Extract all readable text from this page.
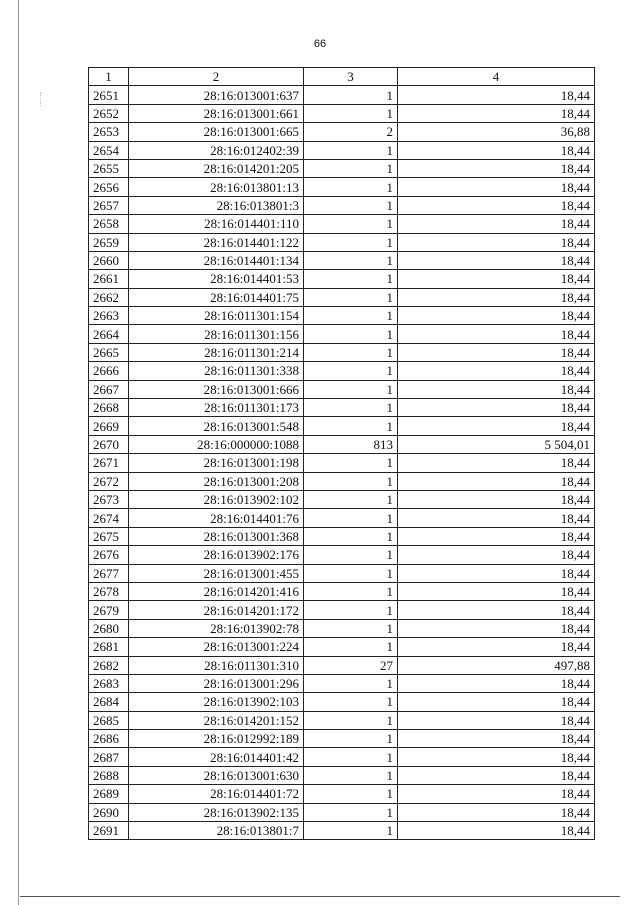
66
1	2	3	4
2651	28:16:013001:637	1	18,44
2652	28:16:013001:661	1	18,44
2653	28:16:013001:665	2	36,88
2654	28:16:012402:39	1	18,44
2655	28:16:014201:205	1	18,44
2656	28:16:013801:13	1	18,44
2657	28:16:013801:3	1	18,44
2658	28:16:014401:110	1	18,44
2659	28:16:014401:122	1	18,44
2660	28:16:014401:134	1	18,44
2661	28:16:014401:53	1	18,44
2662	28:16:014401:75	1	18,44
2663	28:16:011301:154	1	18,44
2664	28:16:011301:156	1	18,44
2665	28:16:011301:214	1	18,44
2666	28:16:011301:338	1	18,44
2667	28:16:013001:666	1	18,44
2668	28:16:011301:173	1	18,44
2669	28:16:013001:548	1	18,44
2670	28:16:000000:1088	813	5 504,01
2671	28:16:013001:198	1	18,44
2672	28:16:013001:208	1	18,44
2673	28:16:013902:102	1	18,44
2674	28:16:014401:76	1	18,44
2675	28:16:013001:368	1	18,44
2676	28:16:013902:176	1	18,44
2677	28:16:013001:455	1	18,44
2678	28:16:014201:416	1	18,44
2679	28:16:014201:172	1	18,44
2680	28:16:013902:78	1	18,44
2681	28:16:013001:224	1	18,44
2682	28:16:011301:310	27	497,88
2683	28:16:013001:296	1	18,44
2684	28:16:013902:103	1	18,44
2685	28:16:014201:152	1	18,44
2686	28:16:012992:189	1	18,44
2687	28:16:014401:42	1	18,44
2688	28:16:013001:630	1	18,44
2689	28:16:014401:72	1	18,44
2690	28:16:013902:135	1	18,44
2691	28:16:013801:7	1	18,44
